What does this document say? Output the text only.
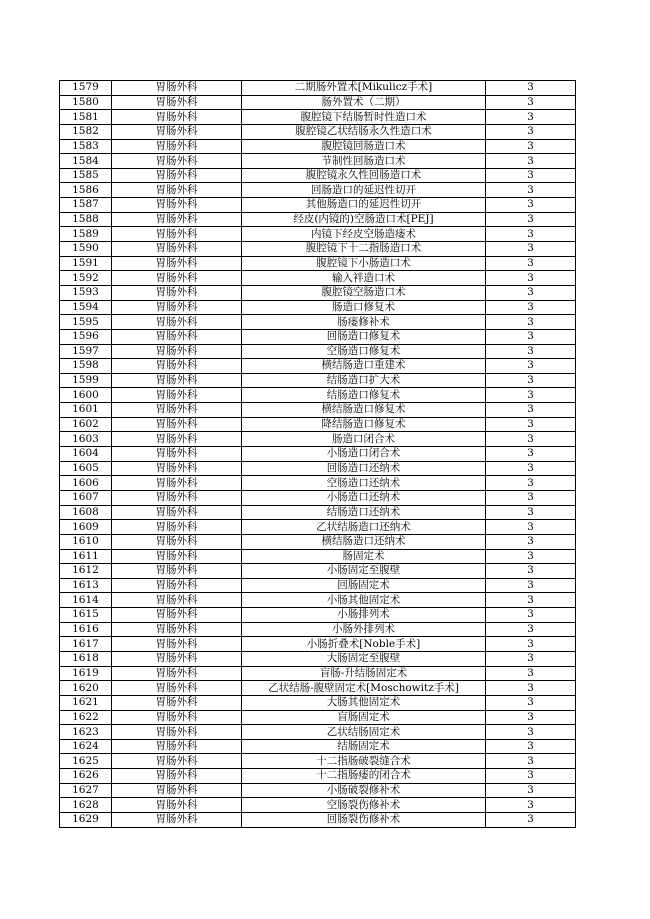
1579	胃肠外科	二期肠外置术[Mikulicz手术]	3
1580	胃肠外科	肠外置术（二期）	3
1581	胃肠外科	腹腔镜下结肠暂时性造口术	3
1582	胃肠外科	腹腔镜乙状结肠永久性造口术	3
1583	胃肠外科	腹腔镜回肠造口术	3
1584	胃肠外科	节制性回肠造口术	3
1585	胃肠外科	腹腔镜永久性回肠造口术	3
1586	胃肠外科	回肠造口的延迟性切开	3
1587	胃肠外科	其他肠造口的延迟性切开	3
1588	胃肠外科	经皮(内镜的)空肠造口术[PEJ]	3
1589	胃肠外科	内镜下经皮空肠造瘘术	3
1590	胃肠外科	腹腔镜下十二指肠造口术	3
1591	胃肠外科	腹腔镜下小肠造口术	3
1592	胃肠外科	输入袢造口术	3
1593	胃肠外科	腹腔镜空肠造口术	3
1594	胃肠外科	肠造口修复术	3
1595	胃肠外科	肠瘘修补术	3
1596	胃肠外科	回肠造口修复术	3
1597	胃肠外科	空肠造口修复术	3
1598	胃肠外科	横结肠造口重建术	3
1599	胃肠外科	结肠造口扩大术	3
1600	胃肠外科	结肠造口修复术	3
1601	胃肠外科	横结肠造口修复术	3
1602	胃肠外科	降结肠造口修复术	3
1603	胃肠外科	肠造口闭合术	3
1604	胃肠外科	小肠造口闭合术	3
1605	胃肠外科	回肠造口还纳术	3
1606	胃肠外科	空肠造口还纳术	3
1607	胃肠外科	小肠造口还纳术	3
1608	胃肠外科	结肠造口还纳术	3
1609	胃肠外科	乙状结肠造口还纳术	3
1610	胃肠外科	横结肠造口还纳术	3
1611	胃肠外科	肠固定术	3
1612	胃肠外科	小肠固定至腹壁	3
1613	胃肠外科	回肠固定术	3
1614	胃肠外科	小肠其他固定术	3
1615	胃肠外科	小肠排列术	3
1616	胃肠外科	小肠外排列术	3
1617	胃肠外科	小肠折叠术[Noble手术]	3
1618	胃肠外科	大肠固定至腹壁	3
1619	胃肠外科	盲肠-升结肠固定术	3
1620	胃肠外科	乙状结肠-腹壁固定术[Moschowitz手术]	3
1621	胃肠外科	大肠其他固定术	3
1622	胃肠外科	盲肠固定术	3
1623	胃肠外科	乙状结肠固定术	3
1624	胃肠外科	结肠固定术	3
1625	胃肠外科	十二指肠破裂缝合术	3
1626	胃肠外科	十二指肠瘘的闭合术	3
1627	胃肠外科	小肠破裂修补术	3
1628	胃肠外科	空肠裂伤修补术	3
1629	胃肠外科	回肠裂伤修补术	3
